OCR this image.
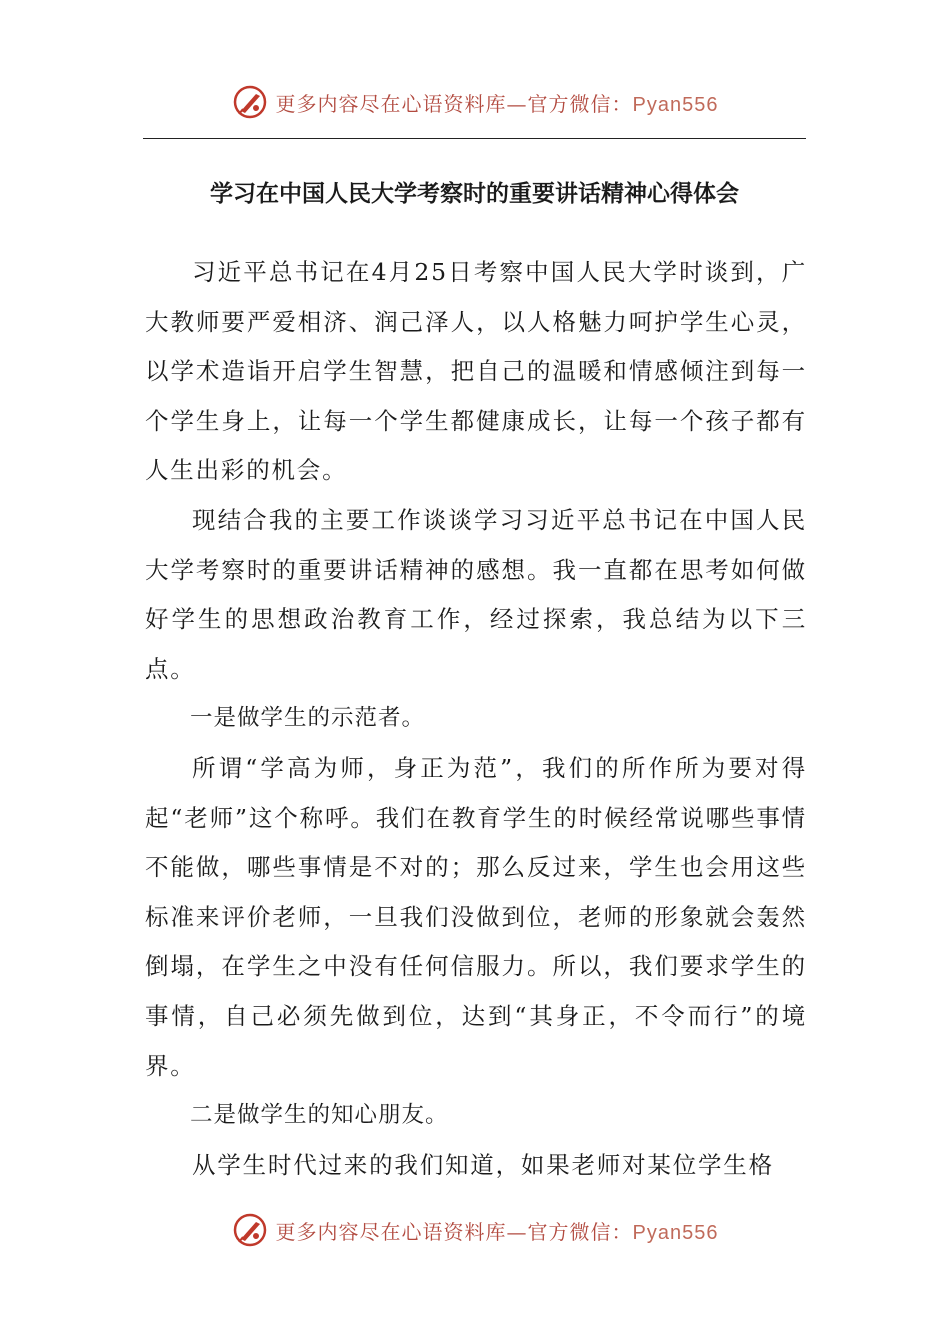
更多内容尽在心语资料库—官方微信：Pyan556
学习在中国人民大学考察时的重要讲话精神心得体会

习近平总书记在4月25日考察中国人民大学时谈到，广大教师要严爱相济、润己泽人，以人格魅力呵护学生心灵，以学术造诣开启学生智慧，把自己的温暖和情感倾注到每一个学生身上，让每一个学生都健康成长，让每一个孩子都有人生出彩的机会。

现结合我的主要工作谈谈学习习近平总书记在中国人民大学考察时的重要讲话精神的感想。我一直都在思考如何做好学生的思想政治教育工作，经过探索，我总结为以下三点。

一是做学生的示范者。

所谓“学高为师，身正为范”，我们的所作所为要对得起“老师”这个称呼。我们在教育学生的时候经常说哪些事情不能做，哪些事情是不对的；那么反过来，学生也会用这些标准来评价老师，一旦我们没做到位，老师的形象就会轰然倒塌，在学生之中没有任何信服力。所以，我们要求学生的事情，自己必须先做到位，达到“其身正，不令而行”的境界。

二是做学生的知心朋友。

从学生时代过来的我们知道，如果老师对某位学生格

更多内容尽在心语资料库—官方微信：Pyan556
